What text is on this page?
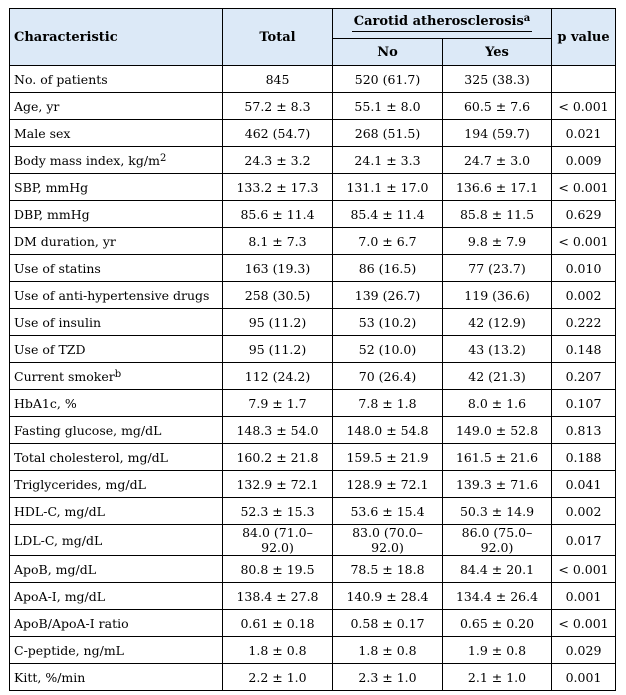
Characteristic	Total	Carotid atherosclerosis$^a$		p value
		No	Yes	
No. of patients	845	520 (61.7)	325 (38.3)	
Age, yr	57.2 ± 8.3	55.1 ± 8.0	60.5 ± 7.6	< 0.001
Male sex	462 (54.7)	268 (51.5)	194 (59.7)	0.021
Body mass index, $kg/m^2$	24.3 ± 3.2	24.1 ± 3.3	24.7 ± 3.0	0.009
SBP, mmHg	133.2 ± 17.3	131.1 ± 17.0	136.6 ± 17.1	< 0.001
DBP, mmHg	85.6 ± 11.4	85.4 ± 11.4	85.8 ± 11.5	0.629
DM duration, yr	8.1 ± 7.3	7.0 ± 6.7	9.8 ± 7.9	< 0.001
Use of statins	163 (19.3)	86 (16.5)	77 (23.7)	0.010
Use of anti-hypertensive drugs	258 (30.5)	139 (26.7)	119 (36.6)	0.002
Use of insulin	95 (11.2)	53 (10.2)	42 (12.9)	0.222
Use of TZD	95 (11.2)	52 (10.0)	43 (13.2)	0.148
Current smoker$^b$	112 (24.2)	70 (26.4)	42 (21.3)	0.207
HbA1c, %	7.9 ± 1.7	7.8 ± 1.8	8.0 ± 1.6	0.107
Fasting glucose, mg/dL	148.3 ± 54.0	148.0 ± 54.8	149.0 ± 52.8	0.813
Total cholesterol, mg/dL	160.2 ± 21.8	159.5 ± 21.9	161.5 ± 21.6	0.188
Triglycerides, mg/dL	132.9 ± 72.1	128.9 ± 72.1	139.3 ± 71.6	0.041
HDL-C, mg/dL	52.3 ± 15.3	53.6 ± 15.4	50.3 ± 14.9	0.002
LDL-C, mg/dL	84.0 (71.0–92.0)	83.0 (70.0–92.0)	86.0 (75.0–92.0)	0.017
ApoB, mg/dL	80.8 ± 19.5	78.5 ± 18.8	84.4 ± 20.1	< 0.001
ApoA-I, mg/dL	138.4 ± 27.8	140.9 ± 28.4	134.4 ± 26.4	0.001
ApoB/ApoA-I ratio	0.61 ± 0.18	0.58 ± 0.17	0.65 ± 0.20	< 0.001
C-peptide, ng/mL	1.8 ± 0.8	1.8 ± 0.8	1.9 ± 0.8	0.029
Kitt, %/min	2.2 ± 1.0	2.3 ± 1.0	2.1 ± 1.0	0.001
